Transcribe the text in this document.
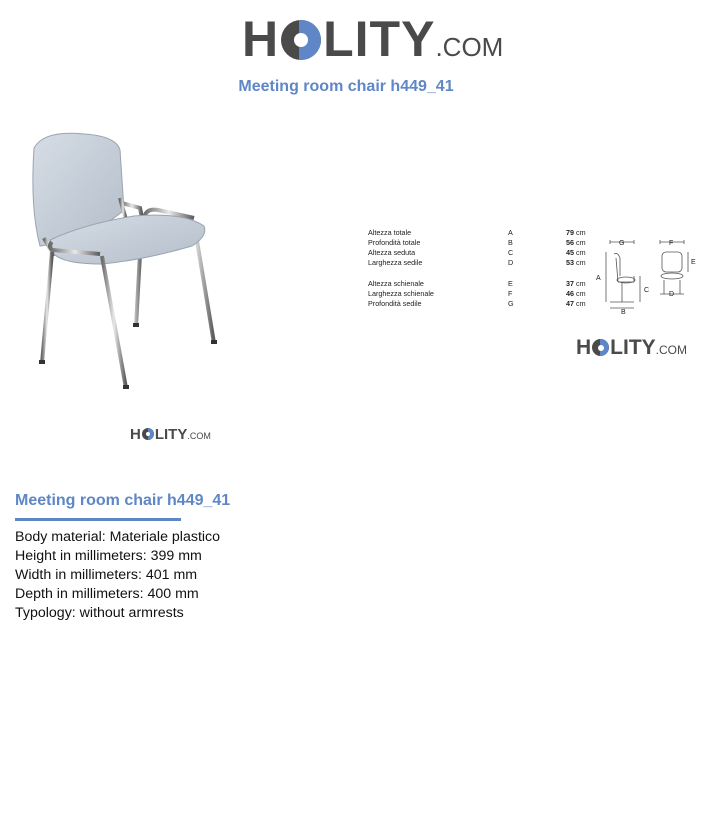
H LITY .COM
Meeting room chair h449_41
H LITY .COM
Altezza totale	A	79 cm
Profondità totale	B	56 cm
Altezza seduta	C	45 cm
Larghezza sedile	D	53 cm
Altezza schienale	E	37 cm
Larghezza schienale	F	46 cm
Profondità sedile	G	47 cm
G	F
A
C
E
B
D
H LITY .COM
Meeting room chair h449_41
Body material: Materiale plastico
Height in millimeters: 399 mm
Width in millimeters: 401 mm
Depth in millimeters: 400 mm
Typology: without armrests
